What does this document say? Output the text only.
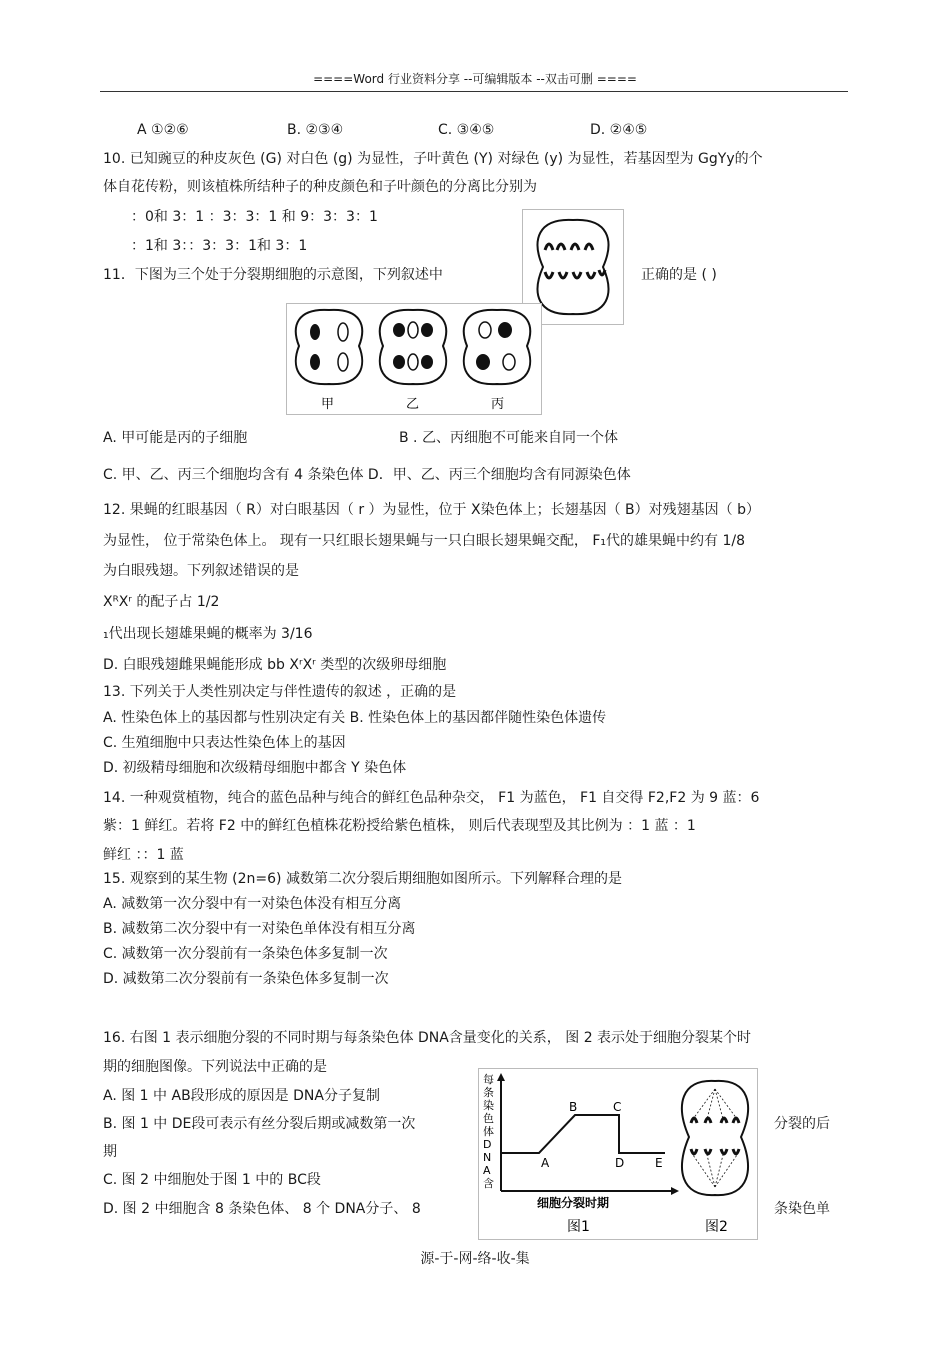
====Word 行业资料分享 --可编辑版本 --双击可删 ====
A ①②⑥	B. ②③④	C. ③④⑤	D. ②④⑤
10. 已知豌豆的种皮灰色 (G) 对白色 (g) 为显性，子叶黄色 (Y) 对绿色 (y) 为显性，若基因型为 GgYy的个
体自花传粉，则该植株所结种子的种皮颜色和子叶颜色的分离比分别为
：0和 3：1 ：3：3：1 和 9：3：3：1
：1和 3：：3：3：1和 3：1
11．下图为三个处于分裂期细胞的示意图，下列叙述中	正确的是 ( )
甲	乙	丙
A. 甲可能是丙的子细胞	B . 乙、丙细胞不可能来自同一个体
C. 甲、乙、丙三个细胞均含有 4 条染色体 D．甲、乙、丙三个细胞均含有同源染色体
12. 果蝇的红眼基因（ R）对白眼基因（ r ）为显性，位于 X染色体上；长翅基因（ B）对残翅基因（ b）
为显性， 位于常染色体上。 现有一只红眼长翅果蝇与一只白眼长翅果蝇交配， F₁代的雄果蝇中约有 1/8
为白眼残翅。下列叙述错误的是
XᴿXʳ 的配子占 1/2
₁代出现长翅雄果蝇的概率为 3/16
D. 白眼残翅雌果蝇能形成 bb XʳXʳ 类型的次级卵母细胞
13. 下列关于人类性别决定与伴性遗传的叙述 ，正确的是
A. 性染色体上的基因都与性别决定有关 B. 性染色体上的基因都伴随性染色体遗传
C. 生殖细胞中只表达性染色体上的基因
D. 初级精母细胞和次级精母细胞中都含 Y 染色体
14. 一种观赏植物，纯合的蓝色品种与纯合的鲜红色品种杂交， F1 为蓝色， F1 自交得 F2,F2 为 9 蓝：6
紫：1 鲜红。若将 F2 中的鲜红色植株花粉授给紫色植株， 则后代表现型及其比例为 ：1 蓝 ：1
鲜红 ：：1 蓝
15. 观察到的某生物 (2n=6) 减数第二次分裂后期细胞如图所示。下列解释合理的是
A. 减数第一次分裂中有一对染色体没有相互分离
B. 减数第二次分裂中有一对染色单体没有相互分离
C. 减数第一次分裂前有一条染色体多复制一次
D. 减数第二次分裂前有一条染色体多复制一次
16. 右图 1 表示细胞分裂的不同时期与每条染色体 DNA含量变化的关系， 图 2 表示处于细胞分裂某个时
期的细胞图像。下列说法中正确的是
A. 图 1 中 AB段形成的原因是 DNA分子复制
B. 图 1 中 DE段可表示有丝分裂后期或减数第一次	分裂的后
期
C. 图 2 中细胞处于图 1 中的 BC段
D. 图 2 中细胞含 8 条染色体、 8 个 DNA分子、 8	条染色单
每 条 染 色 体 D N A 含
A
B	C
D	E
细胞分裂时期
图1	图2
源-于-网-络-收-集
